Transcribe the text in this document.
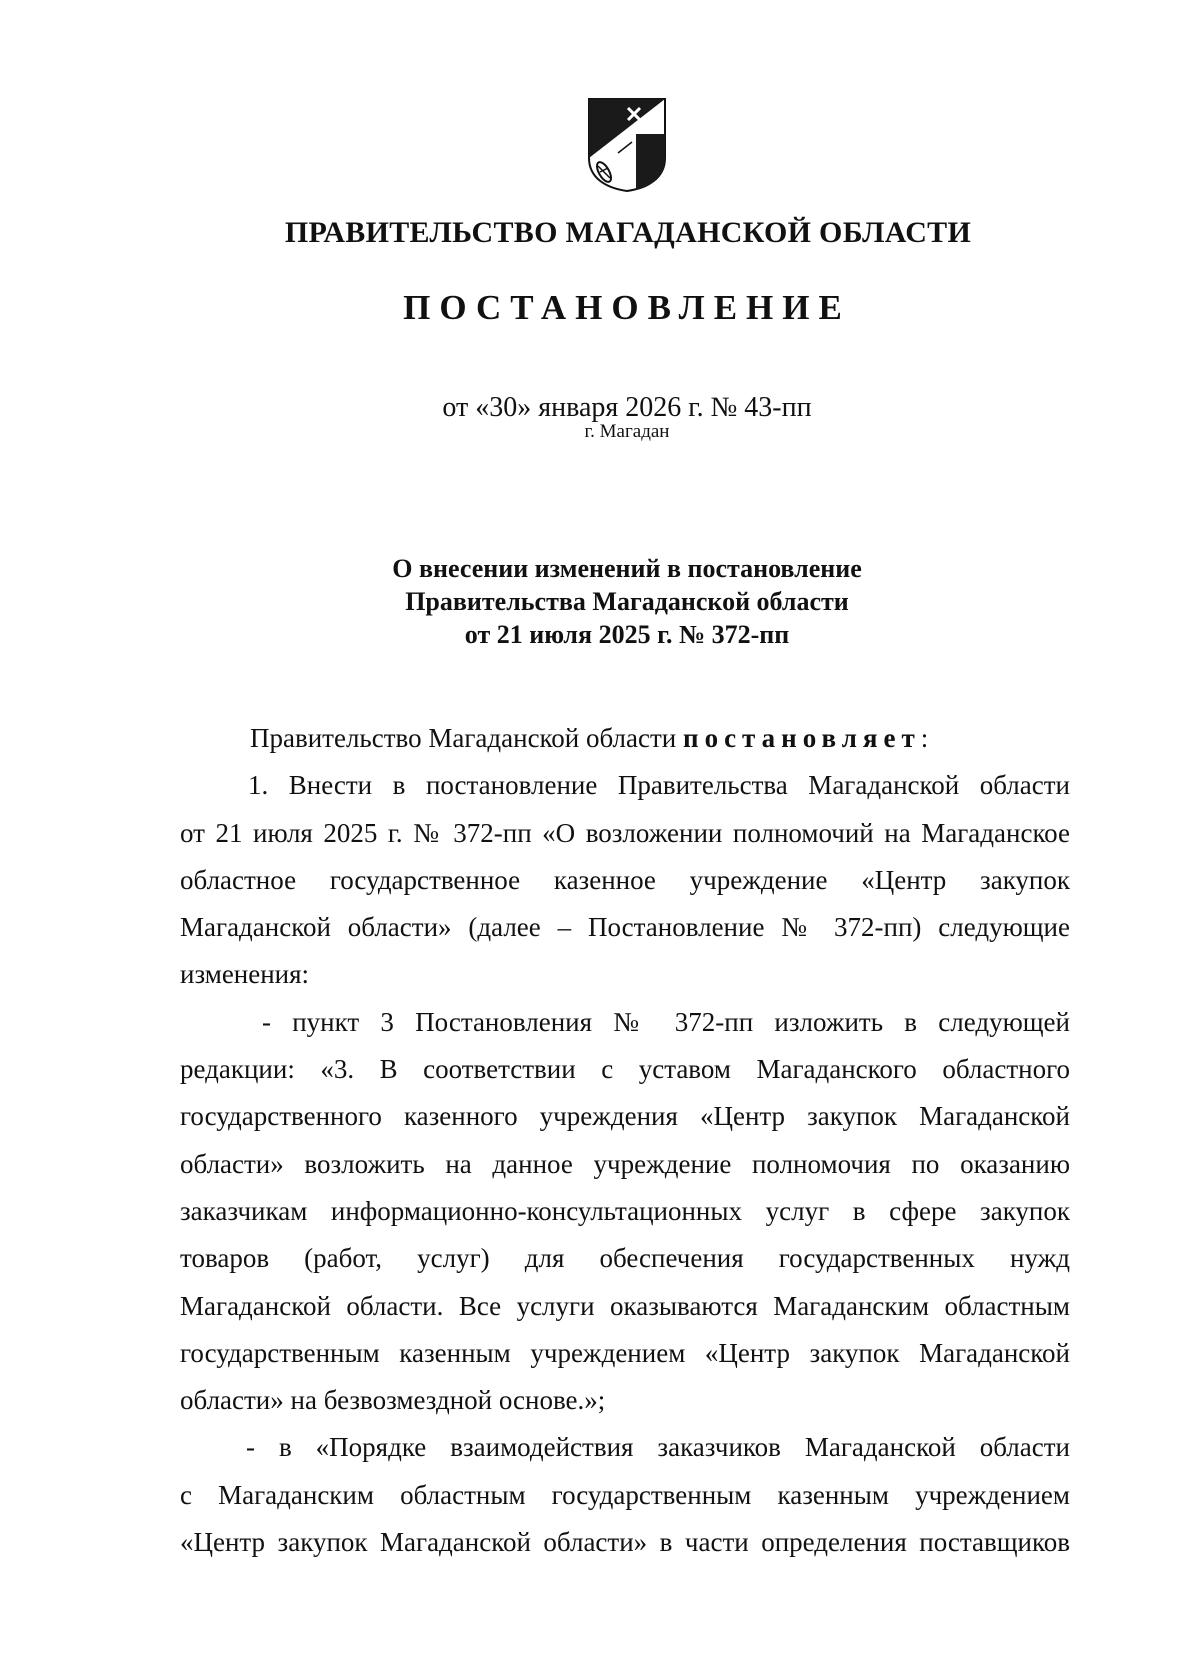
ПРАВИТЕЛЬСТВО МАГАДАНСКОЙ ОБЛАСТИ
ПОСТАНОВЛЕНИЕ
от «30» января 2026 г. № 43-пп
г. Магадан
О внесении изменений в постановление
Правительства Магаданской области
от 21 июля 2025 г. № 372-пп
Правительство Магаданской области постановляет:
1. Внести в постановление Правительства Магаданской области
от 21 июля 2025 г. № 372-пп «О возложении полномочий на Магаданское
областное государственное казенное учреждение «Центр закупок
Магаданской области» (далее – Постановление № 372-пп) следующие
изменения:
- пункт 3 Постановления № 372-пп изложить в следующей
редакции: «3. В соответствии с уставом Магаданского областного
государственного казенного учреждения «Центр закупок Магаданской
области» возложить на данное учреждение полномочия по оказанию
заказчикам информационно-консультационных услуг в сфере закупок
товаров (работ, услуг) для обеспечения государственных нужд
Магаданской области. Все услуги оказываются Магаданским областным
государственным казенным учреждением «Центр закупок Магаданской
области» на безвозмездной основе.»;
- в «Порядке взаимодействия заказчиков Магаданской области
с Магаданским областным государственным казенным учреждением
«Центр закупок Магаданской области» в части определения поставщиков
